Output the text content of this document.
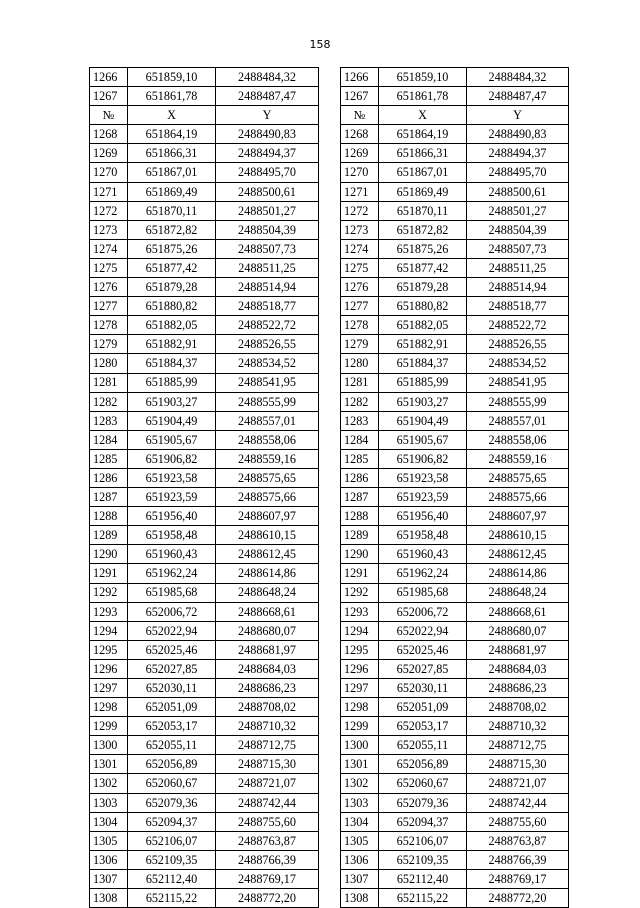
158
1266	651859,10	2488484,32		1266	651859,10	2488484,32
1267	651861,78	2488487,47		1267	651861,78	2488487,47
№	X	Y		№	X	Y
1268	651864,19	2488490,83		1268	651864,19	2488490,83
1269	651866,31	2488494,37		1269	651866,31	2488494,37
1270	651867,01	2488495,70		1270	651867,01	2488495,70
1271	651869,49	2488500,61		1271	651869,49	2488500,61
1272	651870,11	2488501,27		1272	651870,11	2488501,27
1273	651872,82	2488504,39		1273	651872,82	2488504,39
1274	651875,26	2488507,73		1274	651875,26	2488507,73
1275	651877,42	2488511,25		1275	651877,42	2488511,25
1276	651879,28	2488514,94		1276	651879,28	2488514,94
1277	651880,82	2488518,77		1277	651880,82	2488518,77
1278	651882,05	2488522,72		1278	651882,05	2488522,72
1279	651882,91	2488526,55		1279	651882,91	2488526,55
1280	651884,37	2488534,52		1280	651884,37	2488534,52
1281	651885,99	2488541,95		1281	651885,99	2488541,95
1282	651903,27	2488555,99		1282	651903,27	2488555,99
1283	651904,49	2488557,01		1283	651904,49	2488557,01
1284	651905,67	2488558,06		1284	651905,67	2488558,06
1285	651906,82	2488559,16		1285	651906,82	2488559,16
1286	651923,58	2488575,65		1286	651923,58	2488575,65
1287	651923,59	2488575,66		1287	651923,59	2488575,66
1288	651956,40	2488607,97		1288	651956,40	2488607,97
1289	651958,48	2488610,15		1289	651958,48	2488610,15
1290	651960,43	2488612,45		1290	651960,43	2488612,45
1291	651962,24	2488614,86		1291	651962,24	2488614,86
1292	651985,68	2488648,24		1292	651985,68	2488648,24
1293	652006,72	2488668,61		1293	652006,72	2488668,61
1294	652022,94	2488680,07		1294	652022,94	2488680,07
1295	652025,46	2488681,97		1295	652025,46	2488681,97
1296	652027,85	2488684,03		1296	652027,85	2488684,03
1297	652030,11	2488686,23		1297	652030,11	2488686,23
1298	652051,09	2488708,02		1298	652051,09	2488708,02
1299	652053,17	2488710,32		1299	652053,17	2488710,32
1300	652055,11	2488712,75		1300	652055,11	2488712,75
1301	652056,89	2488715,30		1301	652056,89	2488715,30
1302	652060,67	2488721,07		1302	652060,67	2488721,07
1303	652079,36	2488742,44		1303	652079,36	2488742,44
1304	652094,37	2488755,60		1304	652094,37	2488755,60
1305	652106,07	2488763,87		1305	652106,07	2488763,87
1306	652109,35	2488766,39		1306	652109,35	2488766,39
1307	652112,40	2488769,17		1307	652112,40	2488769,17
1308	652115,22	2488772,20		1308	652115,22	2488772,20
